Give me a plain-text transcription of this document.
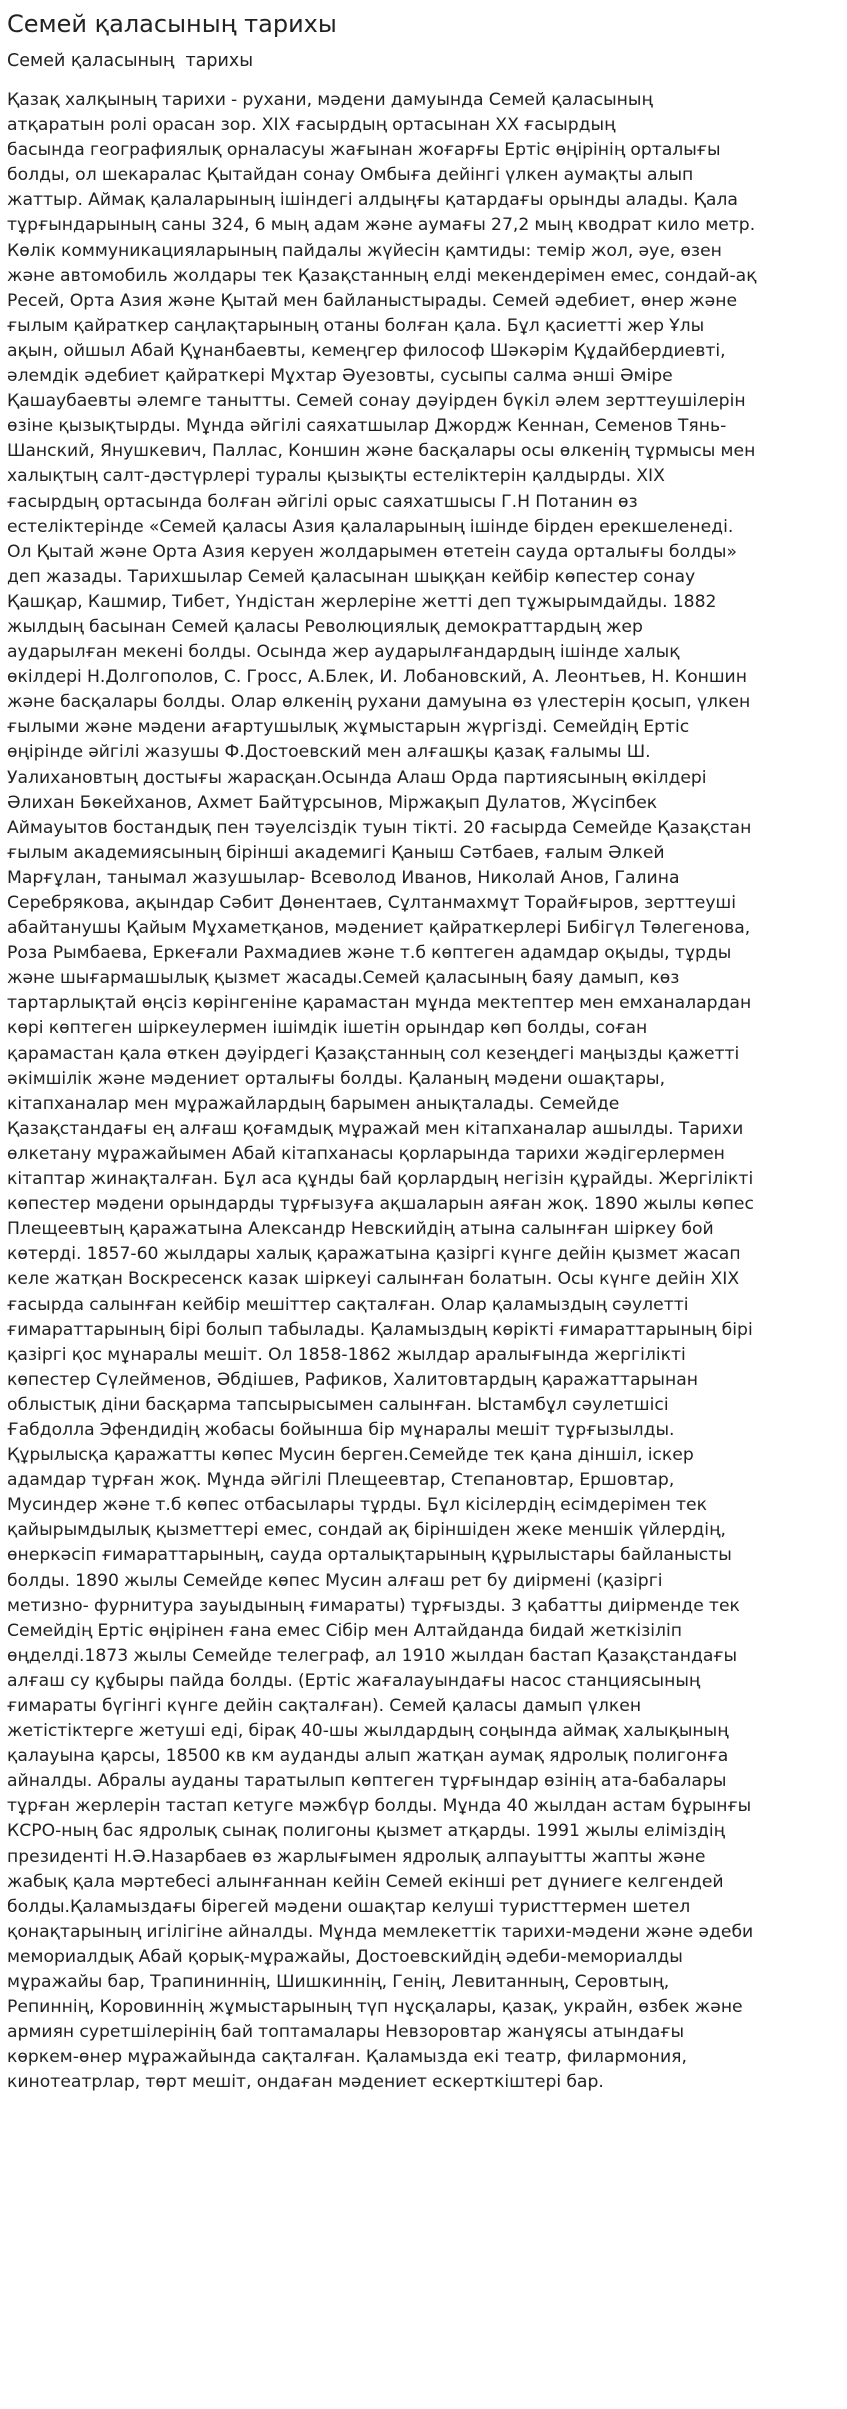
Семей қаласының тарихы
Семей қаласының  тарихы
Қазақ халқының тарихи - рухани, мәдени дамуында Семей қаласының
атқаратын ролі орасан зор. XIX ғасырдың ортасынан XX ғасырдың
басында географиялық орналасуы жағынан жоғарғы Ертіс өңірінің орталығы
болды, ол шекаралас Қытайдан сонау Омбыға дейінгі үлкен аумақты алып
жаттыр. Аймақ қалаларының ішіндегі алдыңғы қатардағы орынды алады. Қала
тұрғындарының саны 324, 6 мың адам және аумағы 27,2 мың кводрат кило метр.
Көлік коммуникацияларының пайдалы жүйесін қамтиды: темір жол, әуе, өзен
және автомобиль жолдары тек Қазақстанның елді мекендерімен емес, сондай-ақ
Ресей, Орта Азия және Қытай мен байланыстырады. Семей әдебиет, өнер және
ғылым қайраткер саңлақтарының отаны болған қала. Бұл қасиетті жер Ұлы
ақын, ойшыл Абай Құнанбаевты, кемеңгер философ Шәкәрім Құдайбердиевті,
әлемдік әдебиет қайраткері Мұхтар Әуезовты, сусыпы салма әнші Әміре
Қашаубаевты әлемге танытты. Семей сонау дәуірден бүкіл әлем зерттеушілерін
өзіне қызықтырды. Мұнда әйгілі саяхатшылар Джордж Кеннан, Семенов Тянь-
Шанский, Янушкевич, Паллас, Коншин және басқалары осы өлкенің тұрмысы мен
халықтың салт-дәстүрлері туралы қызықты естеліктерін қалдырды. XIX
ғасырдың ортасында болған әйгілі орыс саяхатшысы Г.Н Потанин өз
естеліктерінде «Семей қаласы Азия қалаларының ішінде бірден ерекшеленеді.
Ол Қытай және Орта Азия керуен жолдарымен өтетеін сауда орталығы болды»
деп жазады. Тарихшылар Семей қаласынан шыққан кейбір көпестер сонау
Қашқар, Кашмир, Тибет, Үндістан жерлеріне жетті деп тұжырымдайды. 1882
жылдың басынан Семей қаласы Революциялық демократтардың жер
аударылған мекені болды. Осында жер аударылғандардың ішінде халық
өкілдері Н.Долгополов, С. Гросс, А.Блек, И. Лобановский, А. Леонтьев, Н. Коншин
және басқалары болды. Олар өлкенің рухани дамуына өз үлестерін қосып, үлкен
ғылыми және мәдени ағартушылық жұмыстарын жүргізді. Семейдің Ертіс
өңірінде әйгілі жазушы Ф.Достоевский мен алғашқы қазақ ғалымы Ш.
Уалихановтың достығы жарасқан.Осында Алаш Орда партиясының өкілдері
Әлихан Бөкейханов, Ахмет Байтұрсынов, Міржақып Дулатов, Жүсіпбек
Аймауытов бостандық пен тәуелсіздік туын тікті. 20 ғасырда Семейде Қазақстан
ғылым академиясының бірінші академигі Қаныш Сәтбаев, ғалым Әлкей
Марғұлан, танымал жазушылар- Всеволод Иванов, Николай Анов, Галина
Серебрякова, ақындар Сәбит Дөнентаев, Сұлтанмахмұт Торайғыров, зерттеуші
абайтанушы Қайым Мұхаметқанов, мәдениет қайраткерлері Бибігүл Төлегенова,
Роза Рымбаева, Еркеғали Рахмадиев және т.б көптеген адамдар оқыды, тұрды
және шығармашылық қызмет жасады.Семей қаласының баяу дамып, көз
тартарлықтай өңсіз көрінгеніне қарамастан мұнда мектептер мен емханалардан
көрі көптеген шіркеулермен ішімдік ішетін орындар көп болды, соған
қарамастан қала өткен дәуірдегі Қазақстанның сол кезеңдегі маңызды қажетті
әкімшілік және мәдениет орталығы болды. Қаланың мәдени ошақтары,
кітапханалар мен мұражайлардың барымен анықталады. Семейде
Қазақстандағы ең алғаш қоғамдық мұражай мен кітапханалар ашылды. Тарихи
өлкетану мұражайымен Абай кітапханасы қорларында тарихи жәдігерлермен
кітаптар жинақталған. Бұл аса құнды бай қорлардың негізін құрайды. Жергілікті
көпестер мәдени орындарды тұрғызуға ақшаларын аяған жоқ. 1890 жылы көпес
Плещеевтың қаражатына Александр Невскийдің атына салынған шіркеу бой
көтерді. 1857-60 жылдары халық қаражатына қазіргі күнге дейін қызмет жасап
келе жатқан Воскресенск казак шіркеуі салынған болатын. Осы күнге дейін XIX
ғасырда салынған кейбір мешіттер сақталған. Олар қаламыздың сәулетті
ғимараттарының бірі болып табылады. Қаламыздың көрікті ғимараттарының бірі
қазіргі қос мұнаралы мешіт. Ол 1858-1862 жылдар аралығында жергілікті
көпестер Сүлейменов, Әбдішев, Рафиков, Халитовтардың қаражаттарынан
облыстық діни басқарма тапсырысымен салынған. Ыстамбұл сәулетшісі
Ғабдолла Эфендидің жобасы бойынша бір мұнаралы мешіт тұрғызылды.
Құрылысқа қаражатты көпес Мусин берген.Семейде тек қана діншіл, іскер
адамдар тұрған жоқ. Мұнда әйгілі Плещеевтар, Степановтар, Ершовтар,
Мусиндер және т.б көпес отбасылары тұрды. Бұл кісілердің есімдерімен тек
қайырымдылық қызметтері емес, сондай ақ біріншіден жеке меншік үйлердің,
өнеркәсіп ғимараттарының, сауда орталықтарының құрылыстары байланысты
болды. 1890 жылы Семейде көпес Мусин алғаш рет бу диірмені (қазіргі
метизно- фурнитура зауыдының ғимараты) тұрғызды. 3 қабатты диірменде тек
Семейдің Ертіс өңірінен ғана емес Сібір мен Алтайданда бидай жеткізіліп
өңделді.1873 жылы Семейде телеграф, ал 1910 жылдан бастап Қазақстандағы
алғаш су құбыры пайда болды. (Ертіс жағалауындағы насос станциясының
ғимараты бүгінгі күнге дейін сақталған). Семей қаласы дамып үлкен
жетістіктерге жетуші еді, бірақ 40-шы жылдардың соңында аймақ халықының
қалауына қарсы, 18500 кв км ауданды алып жатқан аумақ ядролық полигонға
айналды. Абралы ауданы таратылып көптеген тұрғындар өзінің ата-бабалары
тұрған жерлерін тастап кетуге мәжбүр болды. Мұнда 40 жылдан астам бұрынғы
КСРО-ның бас ядролық сынақ полигоны қызмет атқарды. 1991 жылы еліміздің
президенті Н.Ә.Назарбаев өз жарлығымен ядролық алпауытты жапты және
жабық қала мәртебесі алынғаннан кейін Семей екінші рет дүниеге келгендей
болды.Қаламыздағы бірегей мәдени ошақтар келуші туристтермен шетел
қонақтарының игілігіне айналды. Мұнда мемлекеттік тарихи-мәдени және әдеби
мемориалдық Абай қорық-мұражайы, Достоевскийдің әдеби-мемориалды
мұражайы бар, Трапининнің, Шишкиннің, Генің, Левитанның, Серовтың,
Репиннің, Коровиннің жұмыстарының түп нұсқалары, қазақ, украйн, өзбек және
армиян суретшілерінің бай топтамалары Невзоровтар жанұясы атындағы
көркем-өнер мұражайында сақталған. Қаламызда екі театр, филармония,
кинотеатрлар, төрт мешіт, ондаған мәдениет ескерткіштері бар.
